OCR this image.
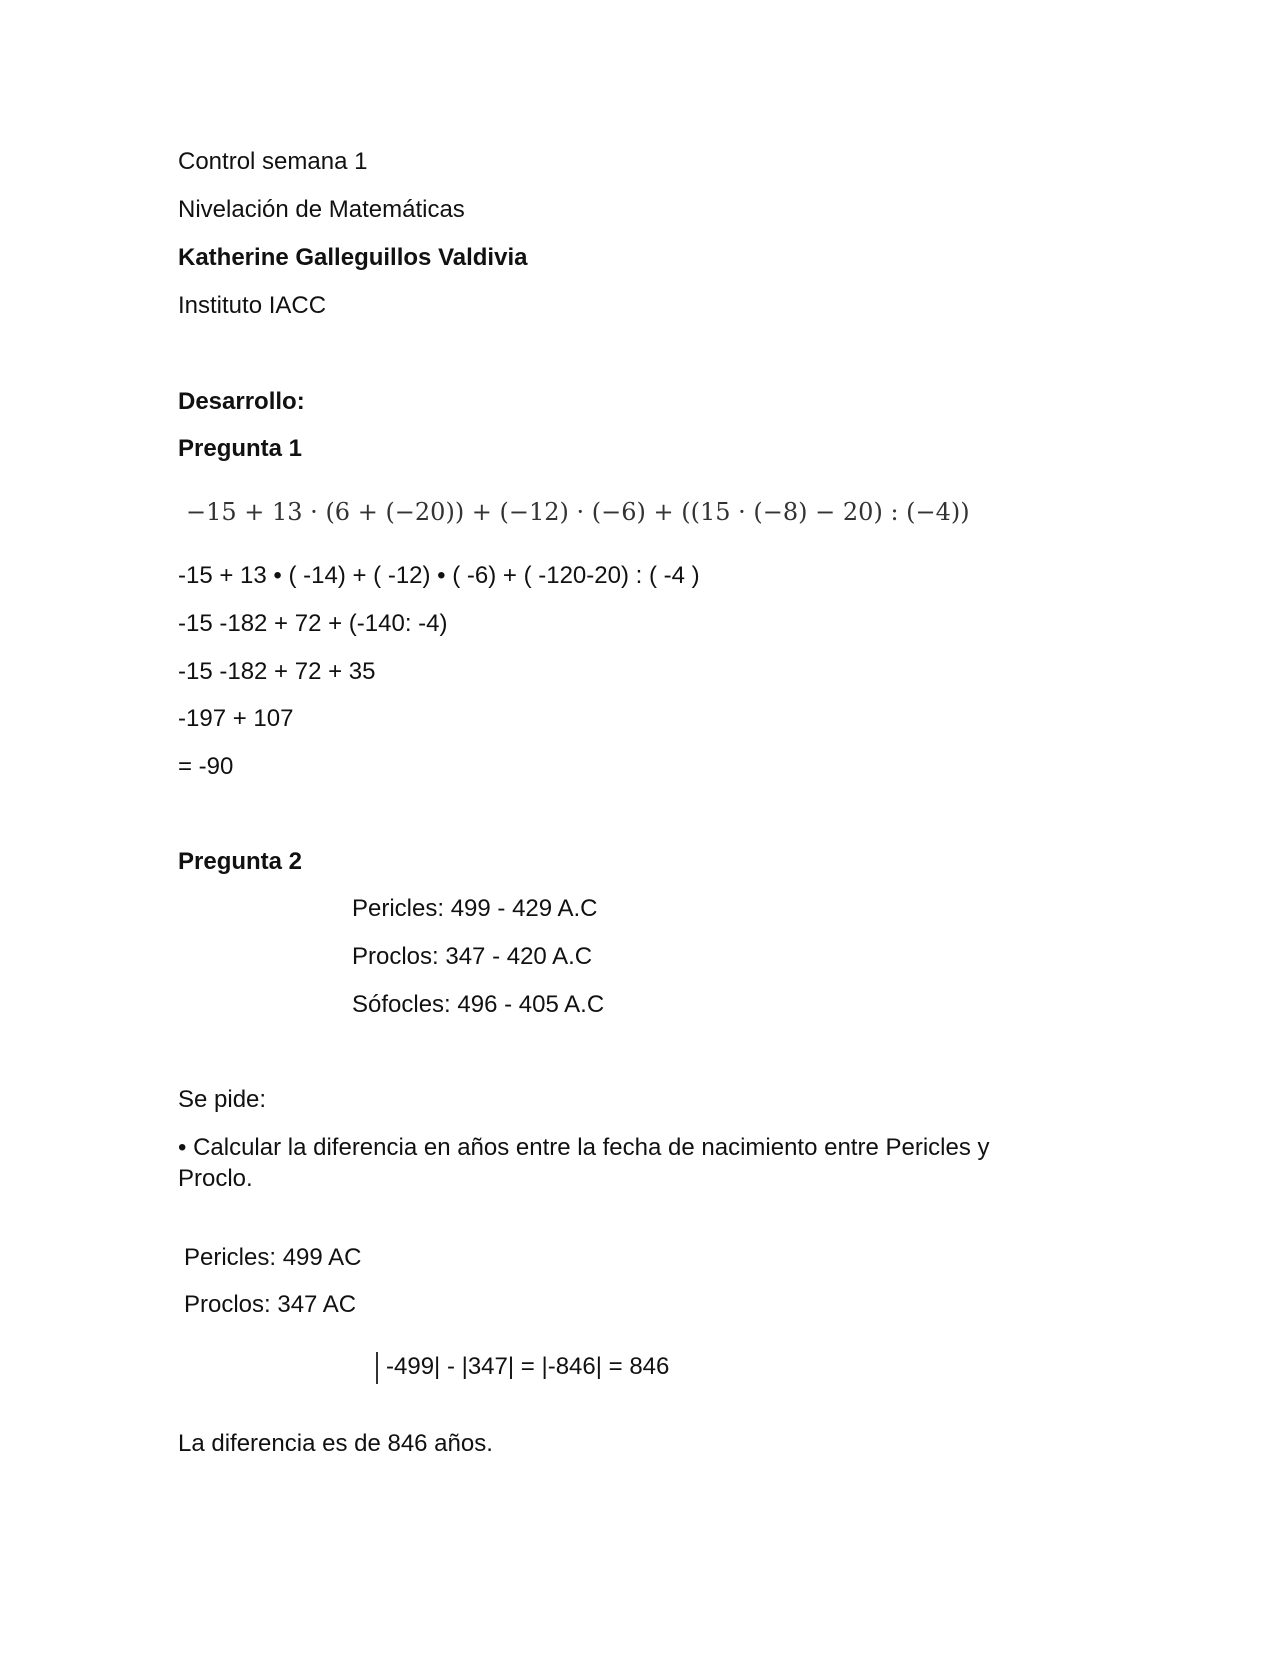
Control semana 1
Nivelación de Matemáticas
Katherine Galleguillos Valdivia
Instituto IACC
Desarrollo:
Pregunta 1
−15 + 13 · (6 + (−20)) + (−12) · (−6) + ((15 · (−8) − 20) : (−4))
-15 + 13 • ( -14) + ( -12) • ( -6) + ( -120-20) : ( -4 )
-15 -182 + 72 + (-140: -4)
-15 -182 + 72 + 35
-197 + 107
= -90
Pregunta 2
Pericles: 499 - 429 A.C
Proclos: 347 - 420 A.C
Sófocles: 496 - 405 A.C
Se pide:
• Calcular la diferencia en años entre la fecha de nacimiento entre Pericles y Proclo.
Pericles: 499 AC
Proclos: 347 AC
-499| - |347| = |-846| = 846
La diferencia es de 846 años.
